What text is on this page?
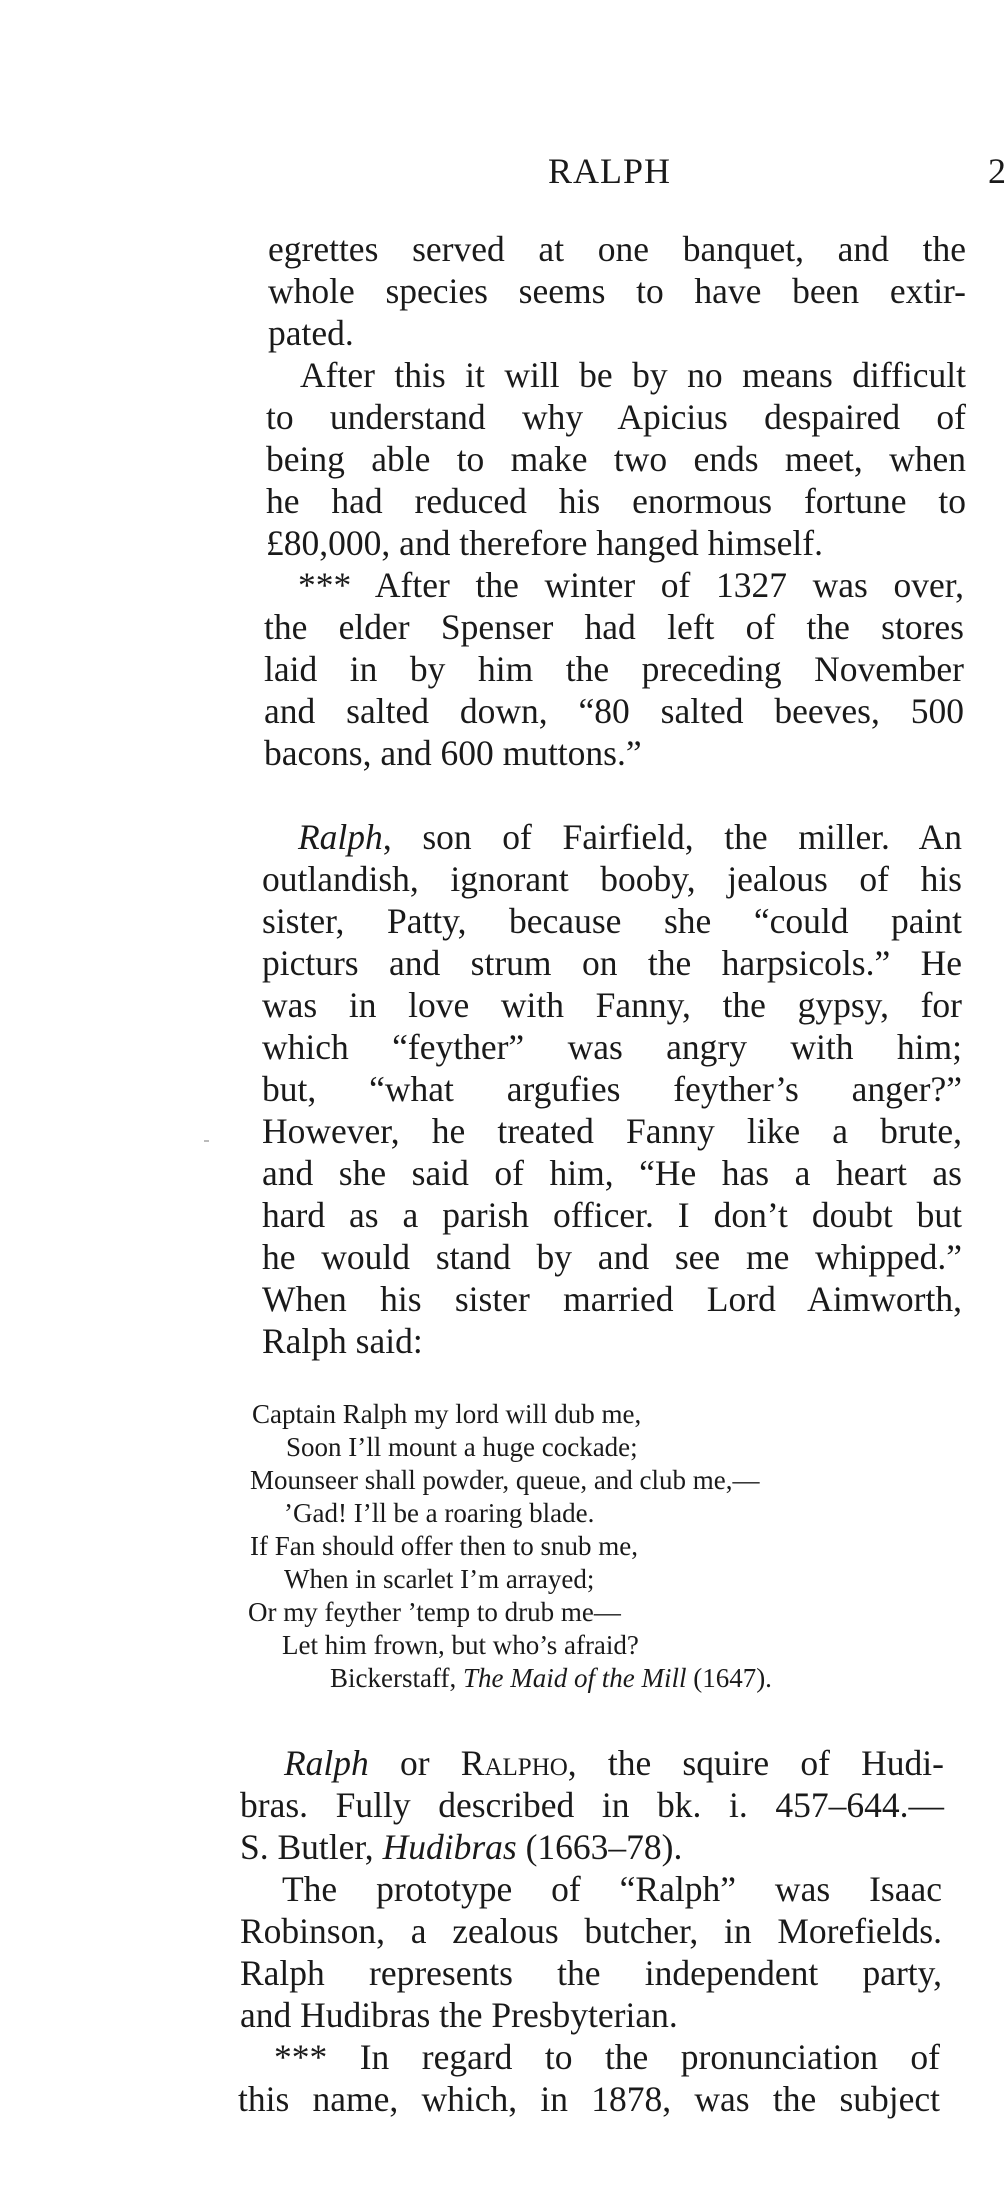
RALPH	2
egrettes served at one banquet, and the
whole species seems to have been extir-
pated.
After this it will be by no means difficult
to understand why Apicius despaired of
being able to make two ends meet, when
he had reduced his enormous fortune to
£80,000, and therefore hanged himself.
*** After the winter of 1327 was over,
the elder Spenser had left of the stores
laid in by him the preceding November
and salted down, “80 salted beeves, 500
bacons, and 600 muttons.”
Ralph, son of Fairfield, the miller. An
outlandish, ignorant booby, jealous of his
sister, Patty, because she “could paint
picturs and strum on the harpsicols.” He
was in love with Fanny, the gypsy, for
which “feyther” was angry with him;
but, “what argufies feyther’s anger?”
However, he treated Fanny like a brute,
and she said of him, “He has a heart as
hard as a parish officer. I don’t doubt but
he would stand by and see me whipped.”
When his sister married Lord Aimworth,
Ralph said:
Captain Ralph my lord will dub me,
Soon I’ll mount a huge cockade;
Mounseer shall powder, queue, and club me,—
’Gad! I’ll be a roaring blade.
If Fan should offer then to snub me,
When in scarlet I’m arrayed;
Or my feyther ’temp to drub me—
Let him frown, but who’s afraid?
Bickerstaff, The Maid of the Mill (1647).
Ralph or Ralpho, the squire of Hudi-
bras. Fully described in bk. i. 457–644.—
S. Butler, Hudibras (1663–78).
The prototype of “Ralph” was Isaac
Robinson, a zealous butcher, in Morefields.
Ralph represents the independent party,
and Hudibras the Presbyterian.
*** In regard to the pronunciation of
this name, which, in 1878, was the subject
